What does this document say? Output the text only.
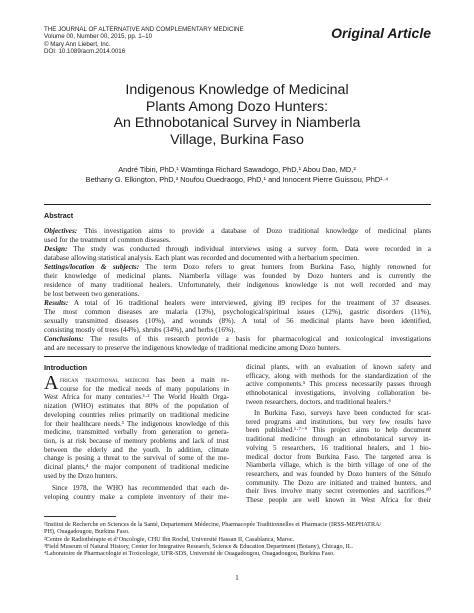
THE JOURNAL OF ALTERNATIVE AND COMPLEMENTARY MEDICINE
Volume 00, Number 00, 2015, pp. 1–10
© Mary Ann Liebert, Inc.
DOI: 10.1089/acm.2014.0016
Original Article
Indigenous Knowledge of Medicinal
Plants Among Dozo Hunters:
An Ethnobotanical Survey in Niamberla
Village, Burkina Faso
André Tibiri, PhD,¹ Wamtinga Richard Sawadogo, PhD,¹ Abou Dao, MD,²
Bethany G. Elkington, PhD,³ Noufou Ouedraogo, PhD,¹ and Innocent Pierre Guissou, PhD¹·⁴
Abstract
Objectives: This investigation aims to provide a database of Dozo traditional knowledge of medicinal plants
used for the treatment of common diseases.
Design: The study was conducted through individual interviews using a survey form. Data were recorded in a
database allowing statistical analysis. Each plant was recorded and documented with a herbarium specimen.
Settings/location & subjects: The term Dozo refers to great hunters from Burkina Faso, highly renowned for
their knowledge of medicinal plants. Niamberla village was founded by Dozo hunters and is currently the
residence of many traditional healers. Unfortunately, their indigenous knowledge is not well recorded and may
be lost between two generations.
Results: A total of 16 traditional healers were interviewed, giving 89 recipes for the treatment of 37 diseases.
The most common diseases are malaria (13%), psychological/spiritual issues (12%), gastric disorders (11%),
sexually transmitted diseases (10%), and wounds (8%). A total of 56 medicinal plants have been identified,
consisting mostly of trees (44%), shrubs (34%), and herbs (16%).
Conclusions: The results of this research provide a basis for pharmacological and toxicological investigations
and are necessary to preserve the indigenous knowledge of traditional medicine among Dozo hunters.
Introduction
A frican traditional medicine has been a main re-
course for the medical needs of many populations in
West Africa for many centuries.¹·² The World Health Orga-
nization (WHO) estimates that 80% of the population of
developing countries relies primarily on traditional medicine
for their healthcare needs.³ The indigenous knowledge of this
medicine, transmitted verbally from generation to genera-
tion, is at risk because of memory problems and lack of trust
between the elderly and the youth. In addition, climate
change is posing a threat to the survival of some of the me-
dicinal plants,⁴ the major component of traditional medicine
used by the Dozo hunters.
Since 1978, the WHO has recommended that each de-
veloping country make a complete inventory of their me-
dicinal plants, with an evaluation of known safety and
efficacy, along with methods for the standardization of the
active components.⁵ This process necessarily passes through
ethnobotanical investigations, involving collaboration be-
tween researchers, doctors, and traditional healers.⁶
In Burkina Faso, surveys have been conducted for scat-
tered programs and institutions, but very few results have
been published.¹·⁷⁻⁹ This project aims to help document
traditional medicine through an ethnobotanical survey in-
volving 5 researchers, 16 traditional healers, and 1 bio-
medical doctor from Burkina Faso. The targeted area is
Niamberla village, which is the birth village of one of the
researchers, and was founded by Dozo hunters of the Sénufo
community. The Dozo are initiated and trained hunters, and
their lives involve many secret ceremonies and sacrifices.¹⁰
These people are well known in West Africa for their
¹Institut de Recherche en Sciences de la Santé, Departement Médecine, Pharmacopée Traditionnelles et Pharmacie (IRSS-MEPHATRA/
PH), Ouagadougou, Burkina Faso.
²Centre de Radiothérapie et d’Oncologie, CHU Ibn Rochd, Université Hassan II, Casablanca, Maroc.
³Field Museum of Natural History, Center for Integrative Research, Science & Education Department (Botany), Chicago, IL.
⁴Laboratoire de Pharmacologie et Toxicologie, UFR-SDS, Université de Ouagadougou, Ouagadougou, Burkina Faso.
1
